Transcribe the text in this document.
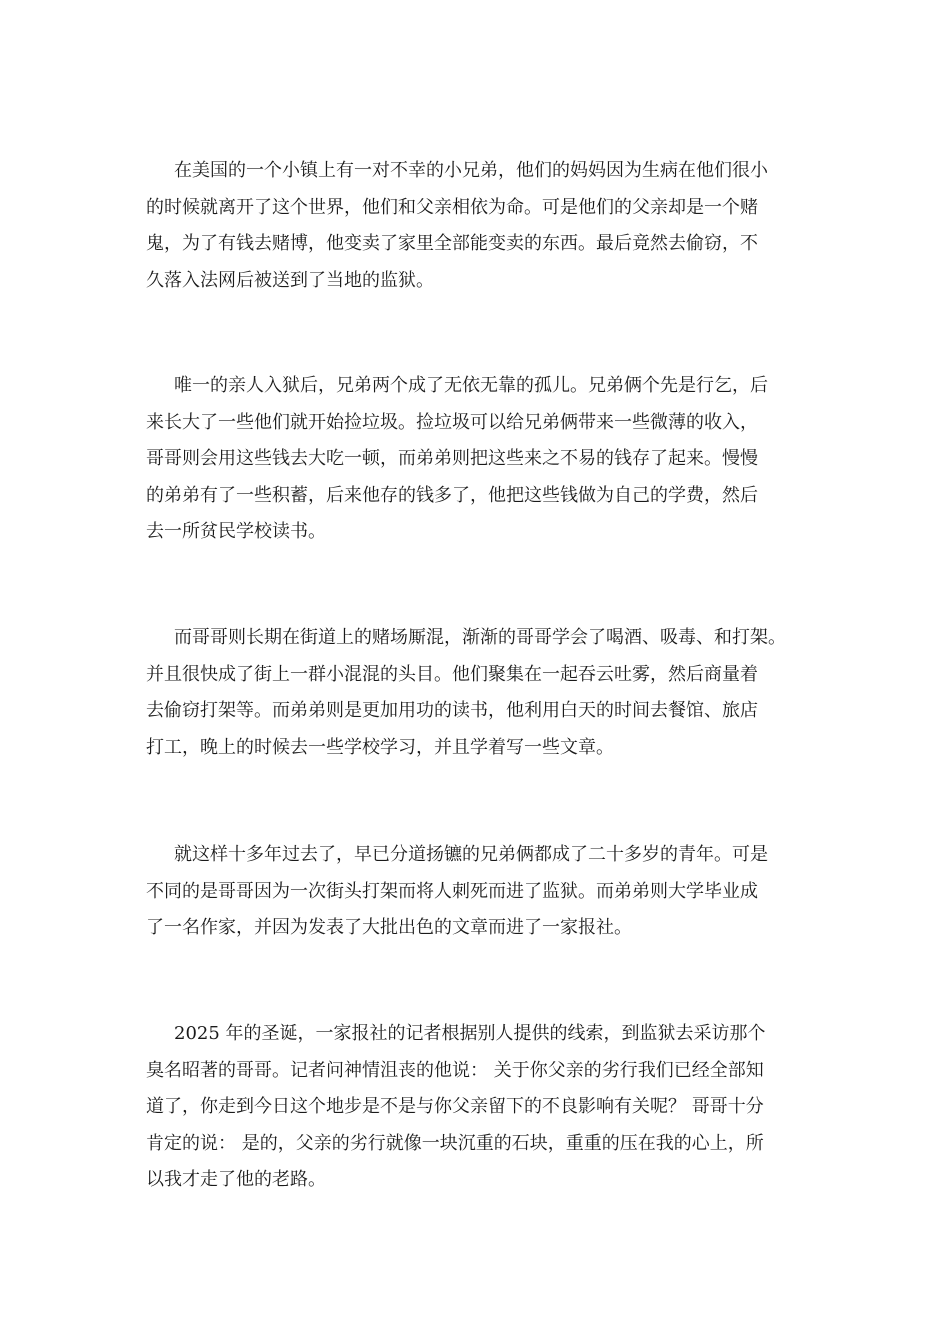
在美国的一个小镇上有一对不幸的小兄弟，他们的妈妈因为生病在他们很小
的时候就离开了这个世界，他们和父亲相依为命。可是他们的父亲却是一个赌
鬼，为了有钱去赌博，他变卖了家里全部能变卖的东西。最后竟然去偷窃，不
久落入法网后被送到了当地的监狱。

唯一的亲人入狱后，兄弟两个成了无依无靠的孤儿。兄弟俩个先是行乞，后
来长大了一些他们就开始捡垃圾。捡垃圾可以给兄弟俩带来一些微薄的收入，
哥哥则会用这些钱去大吃一顿，而弟弟则把这些来之不易的钱存了起来。慢慢
的弟弟有了一些积蓄，后来他存的钱多了，他把这些钱做为自己的学费，然后
去一所贫民学校读书。

而哥哥则长期在街道上的赌场厮混，渐渐的哥哥学会了喝酒、吸毒、和打架。
并且很快成了街上一群小混混的头目。他们聚集在一起吞云吐雾，然后商量着
去偷窃打架等。而弟弟则是更加用功的读书，他利用白天的时间去餐馆、旅店
打工，晚上的时候去一些学校学习，并且学着写一些文章。

就这样十多年过去了，早已分道扬镳的兄弟俩都成了二十多岁的青年。可是
不同的是哥哥因为一次街头打架而将人刺死而进了监狱。而弟弟则大学毕业成
了一名作家，并因为发表了大批出色的文章而进了一家报社。

2025 年的圣诞，一家报社的记者根据别人提供的线索，到监狱去采访那个
臭名昭著的哥哥。记者问神情沮丧的他说： 关于你父亲的劣行我们已经全部知
道了，你走到今日这个地步是不是与你父亲留下的不良影响有关呢？ 哥哥十分
肯定的说： 是的，父亲的劣行就像一块沉重的石块，重重的压在我的心上，所
以我才走了他的老路。
